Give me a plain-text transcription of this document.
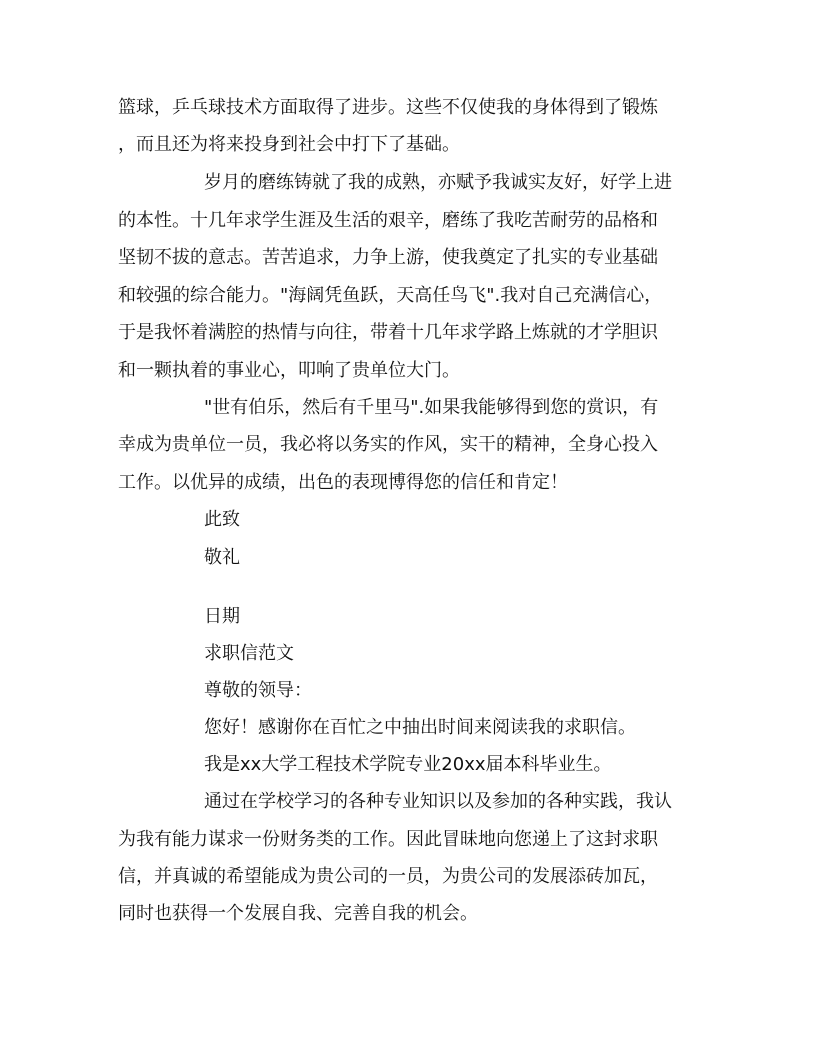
篮球，乒乓球技术方面取得了进步。这些不仅使我的身体得到了锻炼
，而且还为将来投身到社会中打下了基础。
岁月的磨练铸就了我的成熟，亦赋予我诚实友好，好学上进
的本性。十几年求学生涯及生活的艰辛，磨练了我吃苦耐劳的品格和
坚韧不拔的意志。苦苦追求，力争上游，使我奠定了扎实的专业基础
和较强的综合能力。"海阔凭鱼跃，天高任鸟飞".我对自己充满信心，
于是我怀着满腔的热情与向往，带着十几年求学路上炼就的才学胆识
和一颗执着的事业心，叩响了贵单位大门。
"世有伯乐，然后有千里马".如果我能够得到您的赏识，有
幸成为贵单位一员，我必将以务实的作风，实干的精神，全身心投入
工作。以优异的成绩，出色的表现博得您的信任和肯定！
此致
敬礼
日期
求职信范文
尊敬的领导：
您好！感谢你在百忙之中抽出时间来阅读我的求职信。
我是xx大学工程技术学院专业20xx届本科毕业生。
通过在学校学习的各种专业知识以及参加的各种实践，我认
为我有能力谋求一份财务类的工作。因此冒昧地向您递上了这封求职
信，并真诚的希望能成为贵公司的一员，为贵公司的发展添砖加瓦，
同时也获得一个发展自我、完善自我的机会。
